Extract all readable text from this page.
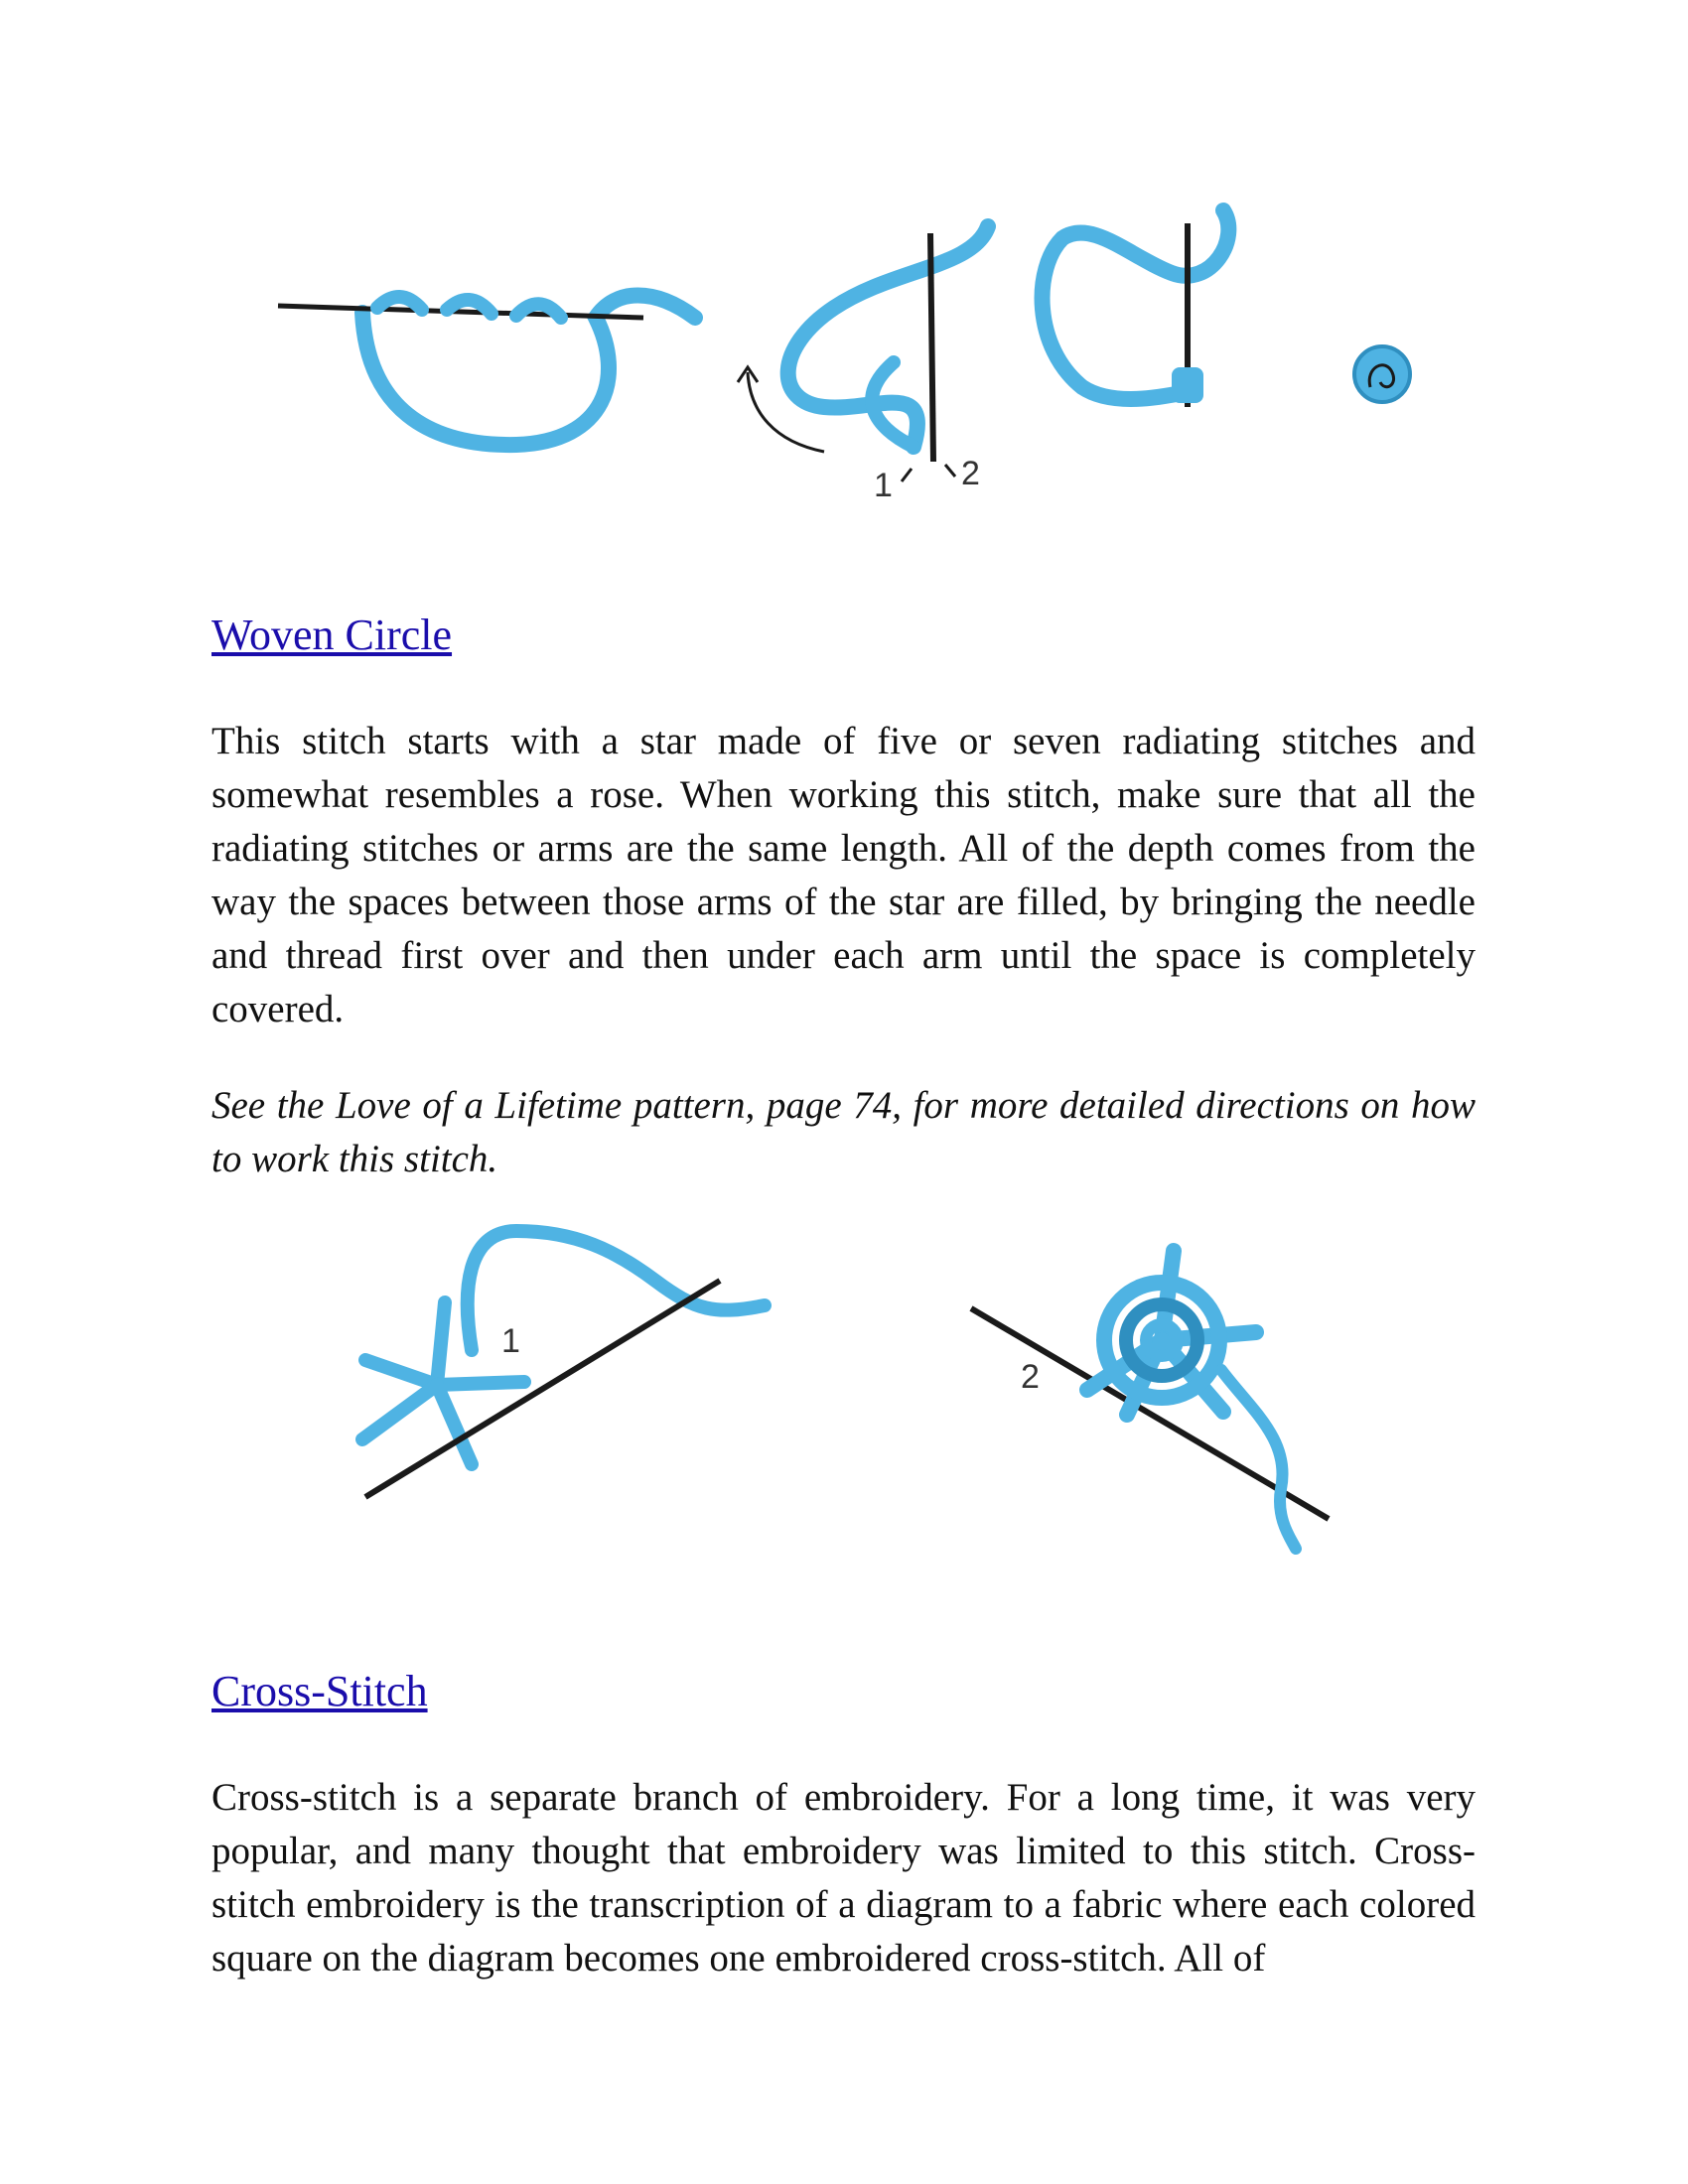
1 2
Woven Circle

This stitch starts with a star made of five or seven radiating stitches and somewhat resembles a rose. When working this stitch, make sure that all the radiating stitches or arms are the same length. All of the depth comes from the way the spaces between those arms of the star are filled, by bringing the needle and thread first over and then under each arm until the space is completely covered.

See the Love of a Lifetime pattern, page 74, for more detailed directions on how to work this stitch.

1
2
Cross-Stitch

Cross-stitch is a separate branch of embroidery. For a long time, it was very popular, and many thought that embroidery was limited to this stitch. Cross-stitch embroidery is the transcription of a diagram to a fabric where each colored square on the diagram becomes one embroidered cross-stitch. All of
